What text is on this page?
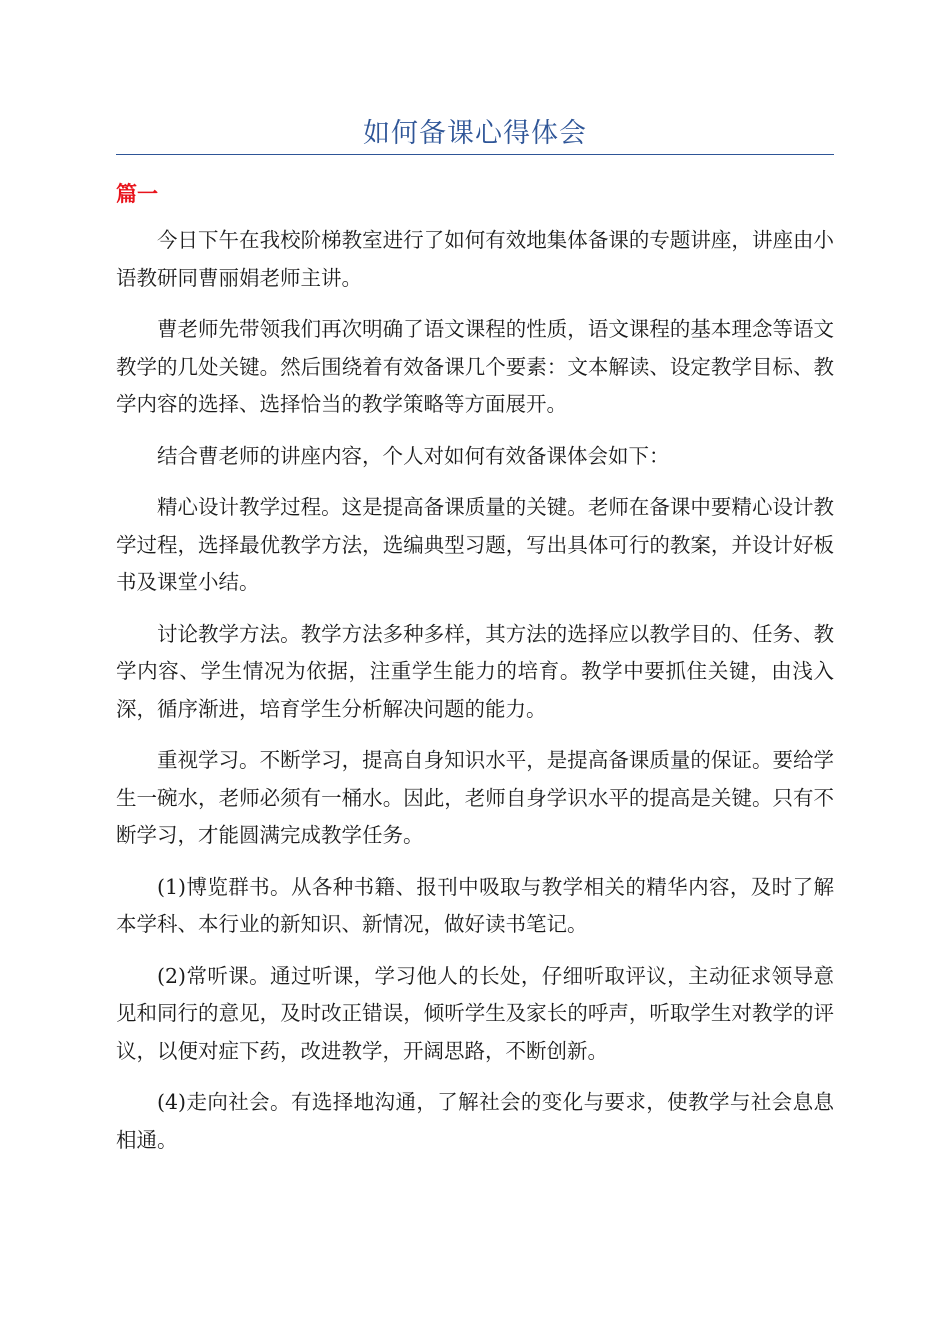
如何备课心得体会
篇一

今日下午在我校阶梯教室进行了如何有效地集体备课的专题讲座，讲座由小语教研同曹丽娟老师主讲。

曹老师先带领我们再次明确了语文课程的性质，语文课程的基本理念等语文教学的几处关键。然后围绕着有效备课几个要素：文本解读、设定教学目标、教学内容的选择、选择恰当的教学策略等方面展开。

结合曹老师的讲座内容，个人对如何有效备课体会如下：

精心设计教学过程。这是提高备课质量的关键。老师在备课中要精心设计教学过程，选择最优教学方法，选编典型习题，写出具体可行的教案，并设计好板书及课堂小结。

讨论教学方法。教学方法多种多样，其方法的选择应以教学目的、任务、教学内容、学生情况为依据，注重学生能力的培育。教学中要抓住关键，由浅入深，循序渐进，培育学生分析解决问题的能力。

重视学习。不断学习，提高自身知识水平，是提高备课质量的保证。要给学生一碗水，老师必须有一桶水。因此，老师自身学识水平的提高是关键。只有不断学习，才能圆满完成教学任务。

(1)博览群书。从各种书籍、报刊中吸取与教学相关的精华内容，及时了解本学科、本行业的新知识、新情况，做好读书笔记。

(2)常听课。通过听课，学习他人的长处，仔细听取评议，主动征求领导意见和同行的意见，及时改正错误，倾听学生及家长的呼声，听取学生对教学的评议，以便对症下药，改进教学，开阔思路，不断创新。

(4)走向社会。有选择地沟通，了解社会的变化与要求，使教学与社会息息相通。
